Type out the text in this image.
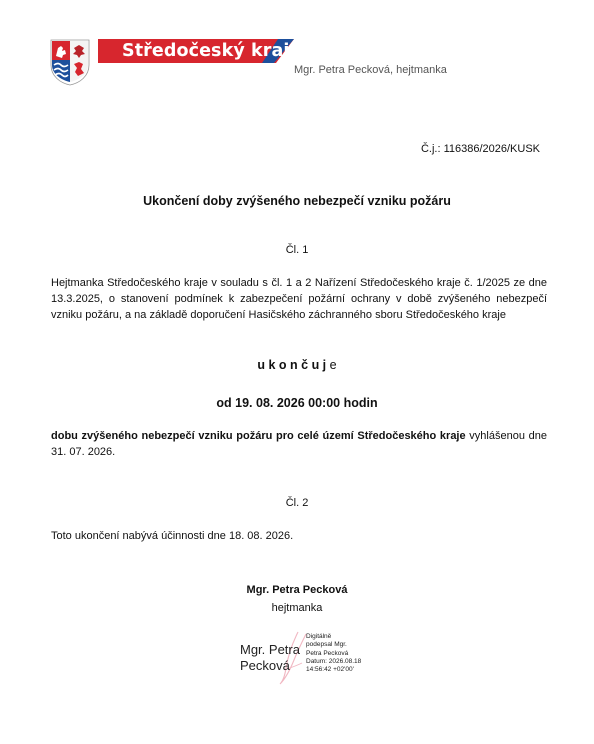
Středočeský kraj
Mgr. Petra Pecková, hejtmanka
Č.j.: 116386/2026/KUSK
Ukončení doby zvýšeného nebezpečí vzniku požáru
Čl. 1
Hejtmanka Středočeského kraje v souladu s čl. 1 a 2 Nařízení Středočeského kraje č. 1/2025 ze dne 13.3.2025, o stanovení podmínek k zabezpečení požární ochrany v době zvýšeného nebezpečí vzniku požáru, a na základě doporučení Hasičského záchranného sboru Středočeského kraje
u k o n č u j e
od 19. 08. 2026 00:00 hodin
dobu zvýšeného nebezpečí vzniku požáru pro celé území Středočeského kraje vyhlášenou dne 31. 07. 2026.
Čl. 2
Toto ukončení nabývá účinnosti dne 18. 08. 2026.
Mgr. Petra Pecková
hejtmanka
Mgr. Petra
Pecková
Digitálně
podepsal Mgr.
Petra Pecková
Datum: 2026.08.18
14:56:42 +02'00'
